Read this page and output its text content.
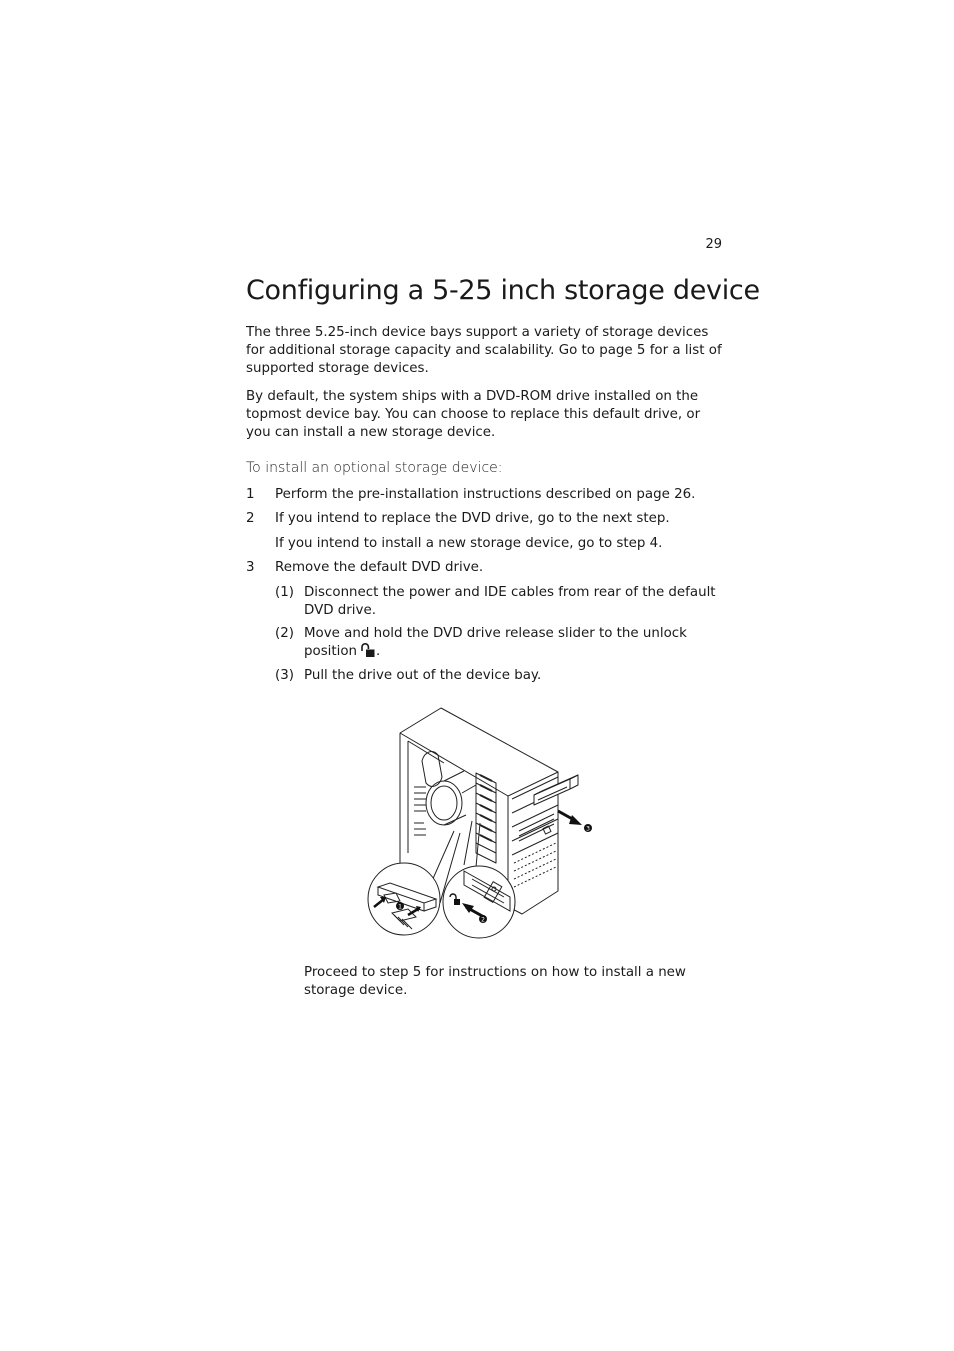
29
Configuring a 5-25 inch storage device

The three 5.25-inch device bays support a variety of storage devices for additional storage capacity and scalability. Go to page 5 for a list of supported storage devices.

By default, the system ships with a DVD-ROM drive installed on the topmost device bay. You can choose to replace this default drive, or you can install a new storage device.

To install an optional storage device:

1	Perform the pre-installation instructions described on page 26.
2	If you intend to replace the DVD drive, go to the next step.
If you intend to install a new storage device, go to step 4.
3	Remove the default DVD drive.
(1) Disconnect the power and IDE cables from rear of the default DVD drive.
(2) Move and hold the DVD drive release slider to the unlock position .
(3) Pull the drive out of the device bay.
3
1
2

Proceed to step 5 for instructions on how to install a new storage device.
